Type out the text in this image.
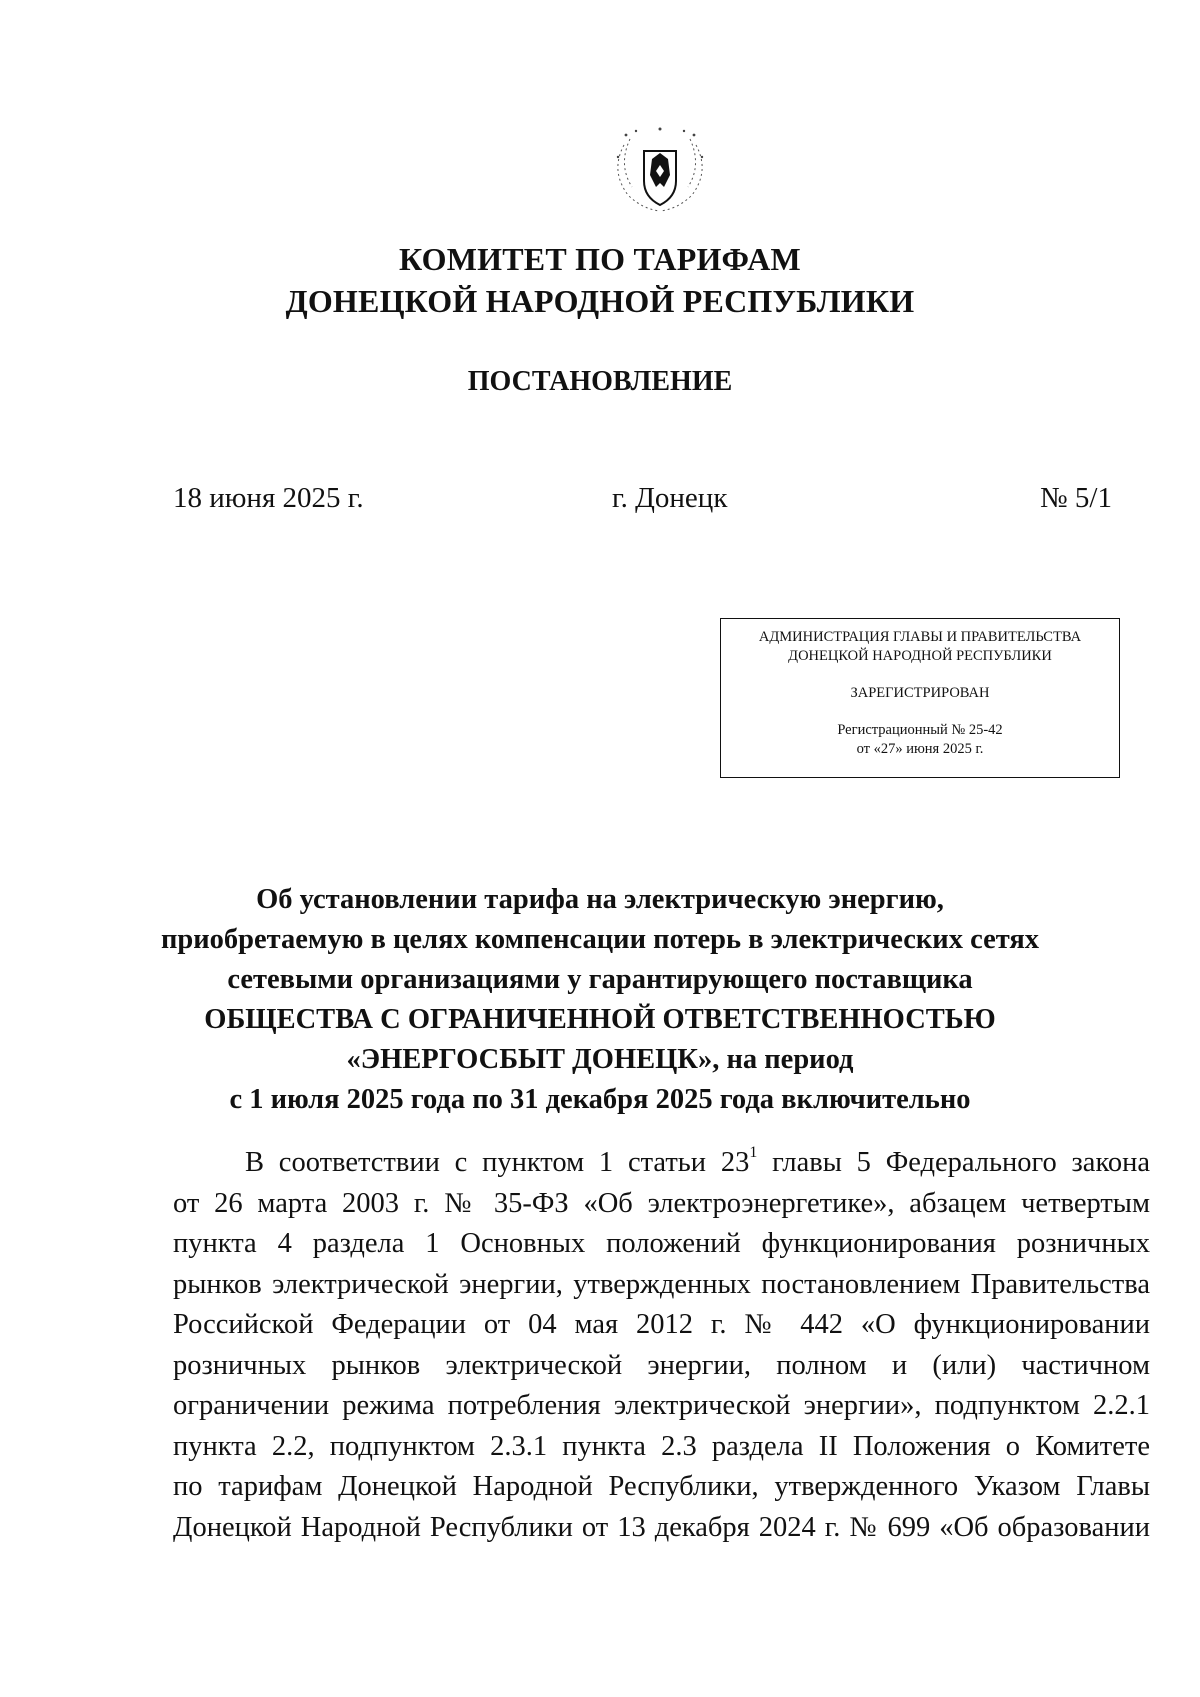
КОМИТЕТ ПО ТАРИФАМ
ДОНЕЦКОЙ НАРОДНОЙ РЕСПУБЛИКИ
ПОСТАНОВЛЕНИЕ
18 июня 2025 г.	г. Донецк	№ 5/1
АДМИНИСТРАЦИЯ ГЛАВЫ И ПРАВИТЕЛЬСТВА
ДОНЕЦКОЙ НАРОДНОЙ РЕСПУБЛИКИ
ЗАРЕГИСТРИРОВАН
Регистрационный № 25-42
от «27» июня 2025 г.
Об установлении тарифа на электрическую энергию,
приобретаемую в целях компенсации потерь в электрических сетях
сетевыми организациями у гарантирующего поставщика
ОБЩЕСТВА С ОГРАНИЧЕННОЙ ОТВЕТСТВЕННОСТЬЮ
«ЭНЕРГОСБЫТ ДОНЕЦК», на период
с 1 июля 2025 года по 31 декабря 2025 года включительно
В соответствии с пунктом 1 статьи $23^1$ главы 5 Федерального закона
от 26 марта 2003 г. № 35-ФЗ «Об электроэнергетике», абзацем четвертым
пункта 4 раздела 1 Основных положений функционирования розничных
рынков электрической энергии, утвержденных постановлением Правительства
Российской Федерации от 04 мая 2012 г. № 442 «О функционировании
розничных рынков электрической энергии, полном и (или) частичном
ограничении режима потребления электрической энергии», подпунктом 2.2.1
пункта 2.2, подпунктом 2.3.1 пункта 2.3 раздела II Положения о Комитете
по тарифам Донецкой Народной Республики, утвержденного Указом Главы
Донецкой Народной Республики от 13 декабря 2024 г. № 699 «Об образовании
